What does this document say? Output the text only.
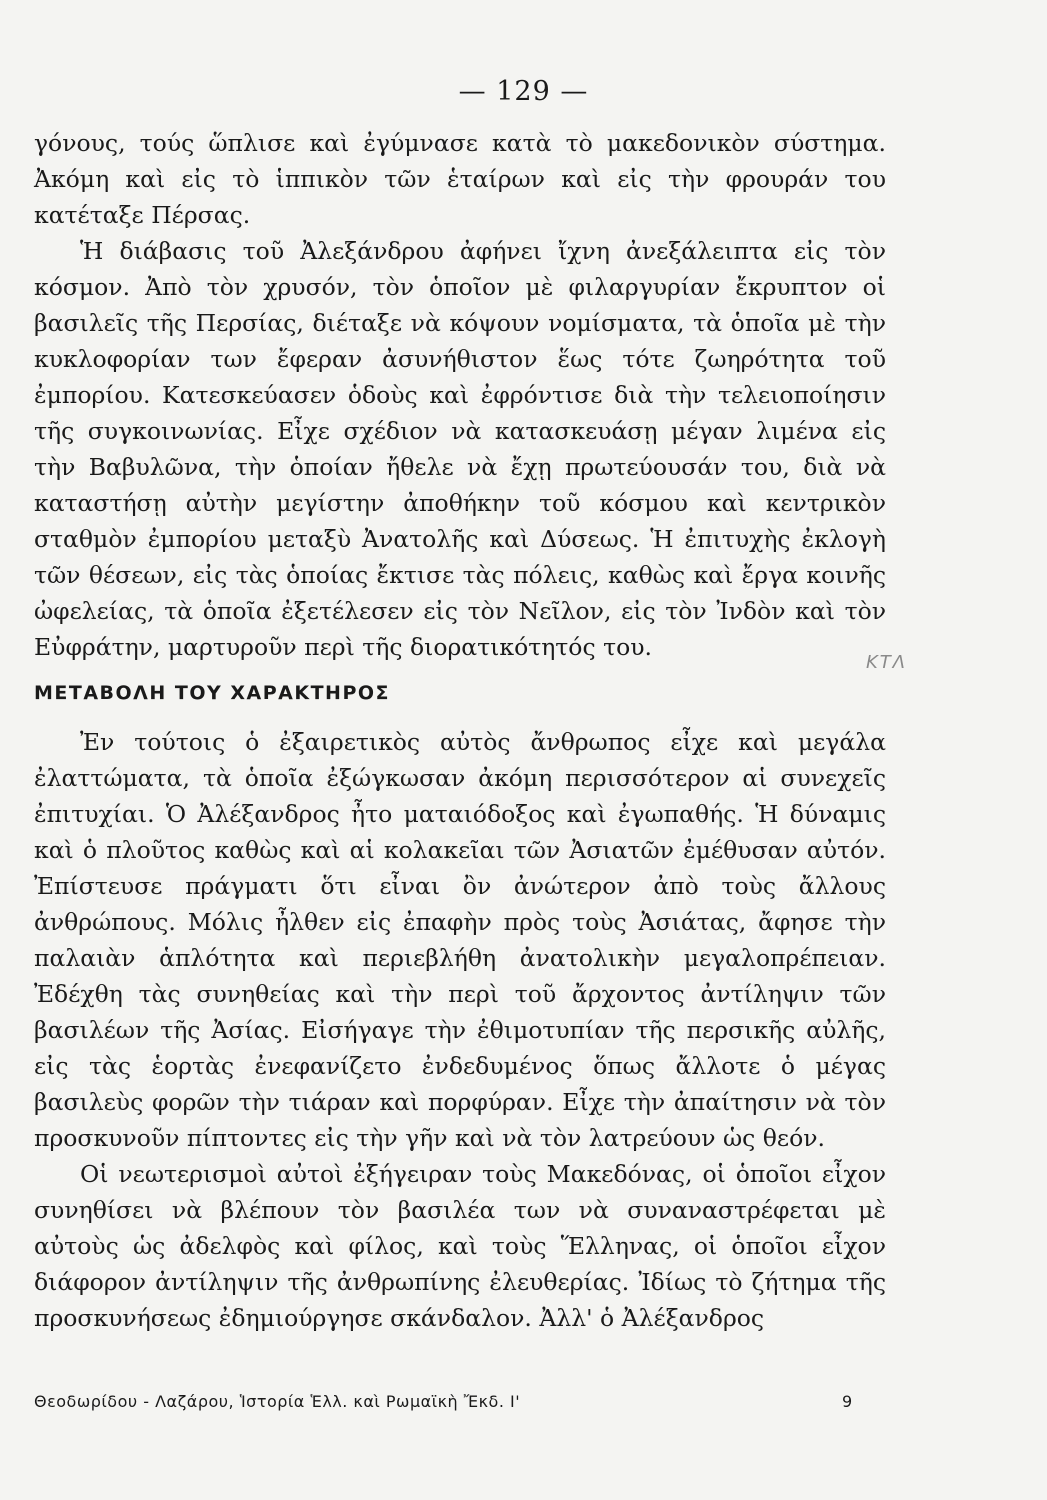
— 129 —

γόνους, τούς ὥπλισε καὶ ἐγύμνασε κατὰ τὸ μακεδονικὸν σύστημα. Ἀκόμη καὶ εἰς τὸ ἱππικὸν τῶν ἑταίρων καὶ εἰς τὴν φρουράν του κατέταξε Πέρσας.

Ἡ διάβασις τοῦ Ἀλεξάνδρου ἀφήνει ἴχνη ἀνεξάλειπτα εἰς τὸν κόσμον. Ἀπὸ τὸν χρυσόν, τὸν ὁποῖον μὲ φιλαργυρίαν ἔκρυπτον οἱ βασιλεῖς τῆς Περσίας, διέταξε νὰ κόψουν νομίσματα, τὰ ὁποῖα μὲ τὴν κυκλοφορίαν των ἔφεραν ἀσυνήθιστον ἕως τότε ζωηρότητα τοῦ ἐμπορίου. Κατεσκεύασεν ὁδοὺς καὶ ἐφρόντισε διὰ τὴν τελειοποίησιν τῆς συγκοινωνίας. Εἶχε σχέδιον νὰ κατασκευάσῃ μέγαν λιμένα εἰς τὴν Βαβυλῶνα, τὴν ὁποίαν ἤθελε νὰ ἔχῃ πρωτεύουσάν του, διὰ νὰ καταστήσῃ αὐτὴν μεγίστην ἀποθήκην τοῦ κόσμου καὶ κεντρικὸν σταθμὸν ἐμπορίου μεταξὺ Ἀνατολῆς καὶ Δύσεως. Ἡ ἐπιτυχὴς ἐκλογὴ τῶν θέσεων, εἰς τὰς ὁποίας ἔκτισε τὰς πόλεις, καθὼς καὶ ἔργα κοινῆς ὠφελείας, τὰ ὁποῖα ἐξετέλεσεν εἰς τὸν Νεῖλον, εἰς τὸν Ἰνδὸν καὶ τὸν Εὐφράτην, μαρτυροῦν περὶ τῆς διορατικότητός του.

ΚΤΛ
ΜΕΤΑΒΟΛΗ ΤΟΥ ΧΑΡΑΚΤΗΡΟΣ

Ἐν τούτοις ὁ ἐξαιρετικὸς αὐτὸς ἄνθρωπος εἶχε καὶ μεγάλα ἐλαττώματα, τὰ ὁποῖα ἐξώγκωσαν ἀκόμη περισσότερον αἱ συνεχεῖς ἐπιτυχίαι. Ὁ Ἀλέξανδρος ἦτο ματαιόδοξος καὶ ἐγωπαθής. Ἡ δύναμις καὶ ὁ πλοῦτος καθὼς καὶ αἱ κολακεῖαι τῶν Ἀσιατῶν ἐμέθυσαν αὐτόν. Ἐπίστευσε πράγματι ὅτι εἶναι ὂν ἀνώτερον ἀπὸ τοὺς ἄλλους ἀνθρώπους. Μόλις ἦλθεν εἰς ἐπαφὴν πρὸς τοὺς Ἀσιάτας, ἄφησε τὴν παλαιὰν ἁπλότητα καὶ περιεβλήθη ἀνατολικὴν μεγαλοπρέπειαν. Ἐδέχθη τὰς συνηθείας καὶ τὴν περὶ τοῦ ἄρχοντος ἀντίληψιν τῶν βασιλέων τῆς Ἀσίας. Εἰσήγαγε τὴν ἐθιμοτυπίαν τῆς περσικῆς αὐλῆς, εἰς τὰς ἑορτὰς ἐνεφανίζετο ἐνδεδυμένος ὅπως ἄλλοτε ὁ μέγας βασιλεὺς φορῶν τὴν τιάραν καὶ πορφύραν. Εἶχε τὴν ἀπαίτησιν νὰ τὸν προσκυνοῦν πίπτοντες εἰς τὴν γῆν καὶ νὰ τὸν λατρεύουν ὡς θεόν.

Οἱ νεωτερισμοὶ αὐτοὶ ἐξήγειραν τοὺς Μακεδόνας, οἱ ὁποῖοι εἶχον συνηθίσει νὰ βλέπουν τὸν βασιλέα των νὰ συναναστρέφεται μὲ αὐτοὺς ὡς ἀδελφὸς καὶ φίλος, καὶ τοὺς Ἕλληνας, οἱ ὁποῖοι εἶχον διάφορον ἀντίληψιν τῆς ἀνθρωπίνης ἐλευθερίας. Ἰδίως τὸ ζήτημα τῆς προσκυνήσεως ἐδημιούργησε σκάνδαλον. Ἀλλ' ὁ Ἀλέξανδρος

Θεοδωρίδου - Λαζάρου, Ἱστορία Ἑλλ. καὶ Ρωμαϊκὴ Ἔκδ. Ι'	9
